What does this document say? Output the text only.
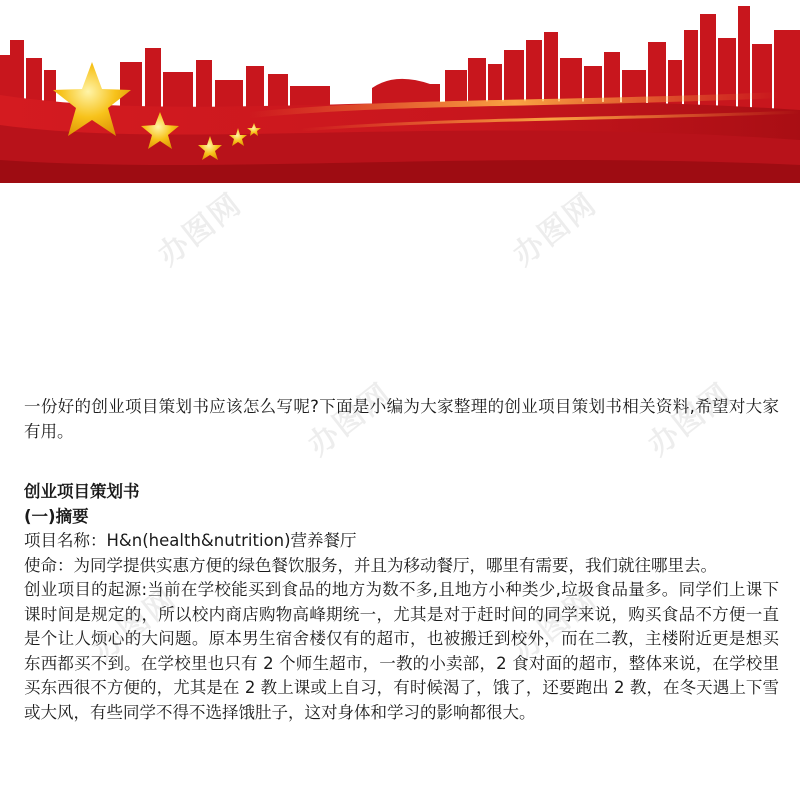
办图网	办图网
办图网	办图网
办图网	办图网

一份好的创业项目策划书应该怎么写呢?下面是小编为大家整理的创业项目策划书相关资料,希望对大家有用。

创业项目策划书

(一)摘要

项目名称：H&n(health&nutrition)营养餐厅

使命：为同学提供实惠方便的绿色餐饮服务，并且为移动餐厅，哪里有需要，我们就往哪里去。

创业项目的起源:当前在学校能买到食品的地方为数不多,且地方小种类少,垃圾食品量多。同学们上课下课时间是规定的，所以校内商店购物高峰期统一，尤其是对于赶时间的同学来说，购买食品不方便一直是个让人烦心的大问题。原本男生宿舍楼仅有的超市，也被搬迁到校外，而在二教，主楼附近更是想买东西都买不到。在学校里也只有 2 个师生超市，一教的小卖部，2 食对面的超市，整体来说，在学校里买东西很不方便的，尤其是在 2 教上课或上自习，有时候渴了，饿了，还要跑出 2 教，在冬天遇上下雪或大风，有些同学不得不选择饿肚子，这对身体和学习的影响都很大。
